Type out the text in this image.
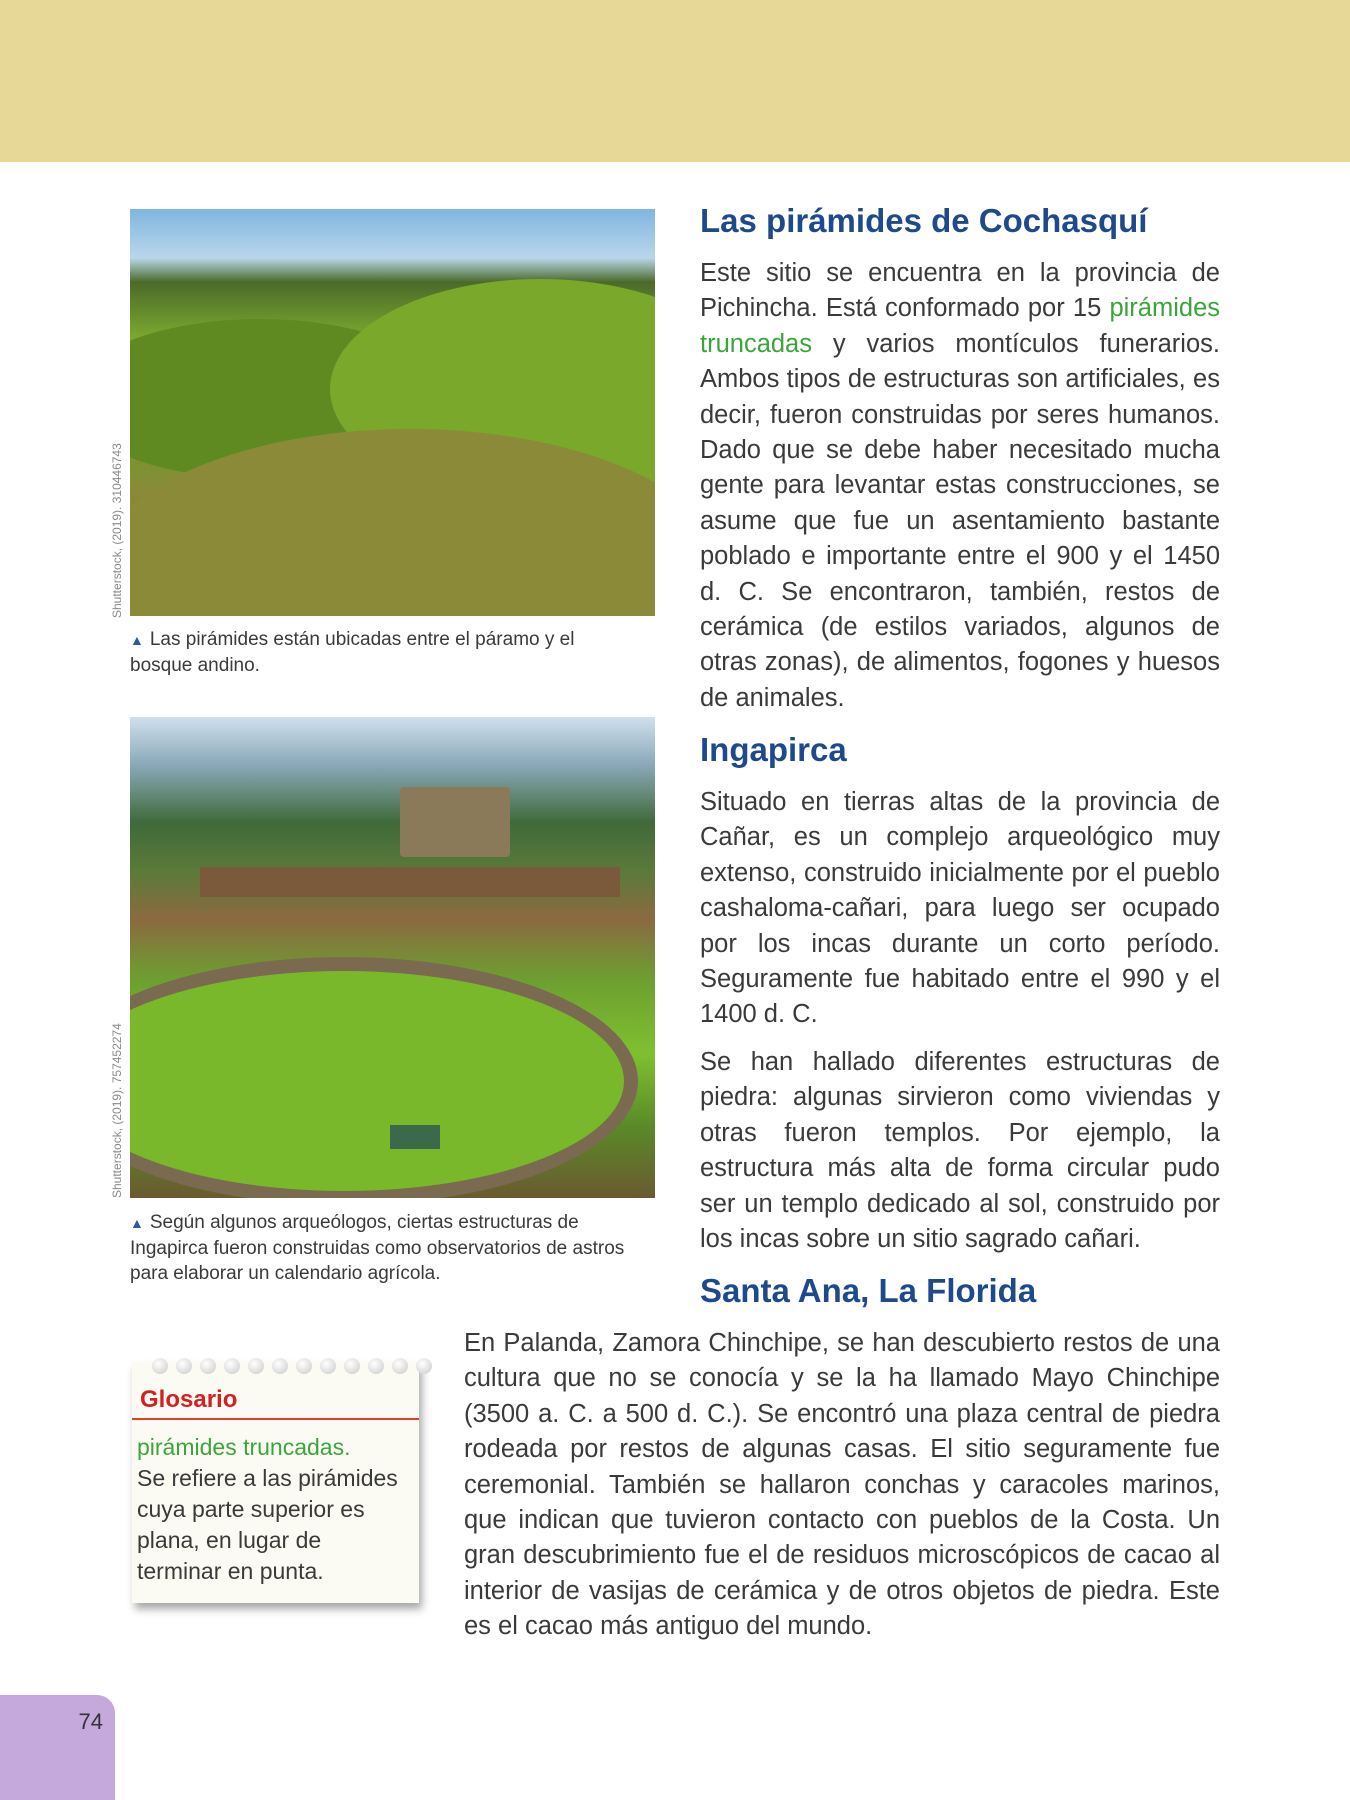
Shutterstock, (2019). 310446743
▲ Las pirámides están ubicadas entre el páramo y el bosque andino.
Shutterstock, (2019). 757452274
▲ Según algunos arqueólogos, ciertas estructuras de Ingapirca fueron construidas como observatorios de astros para elaborar un calendario agrícola.
Las pirámides de Cochasquí

Este sitio se encuentra en la provincia de Pichincha. Está conformado por 15 pirámides truncadas y varios montículos funerarios. Ambos tipos de estructuras son artificiales, es decir, fueron construidas por seres humanos. Dado que se debe haber necesitado mucha gente para levantar estas construcciones, se asume que fue un asentamiento bastante poblado e importante entre el 900 y el 1450 d. C. Se encontraron, también, restos de cerámica (de estilos variados, algunos de otras zonas), de alimentos, fogones y huesos de animales.

Ingapirca

Situado en tierras altas de la provincia de Cañar, es un complejo arqueológico muy extenso, construido inicialmente por el pueblo cashaloma-cañari, para luego ser ocupado por los incas durante un corto período. Seguramente fue habitado entre el 990 y el 1400 d. C.

Se han hallado diferentes estructuras de piedra: algunas sirvieron como viviendas y otras fueron templos. Por ejemplo, la estructura más alta de forma circular pudo ser un templo dedicado al sol, construido por los incas sobre un sitio sagrado cañari.

Santa Ana, La Florida

En Palanda, Zamora Chinchipe, se han descubierto restos de una cultura que no se conocía y se la ha llamado Mayo Chinchipe (3500 a. C. a 500 d. C.). Se encontró una plaza central de piedra rodeada por restos de algunas casas. El sitio seguramente fue ceremonial. También se hallaron conchas y caracoles marinos, que indican que tuvieron contacto con pueblos de la Costa. Un gran descubrimiento fue el de residuos microscópicos de cacao al interior de vasijas de cerámica y de otros objetos de piedra. Este es el cacao más antiguo del mundo.

Glosario
pirámides truncadas.
Se refiere a las pirámides cuya parte superior es plana, en lugar de terminar en punta.
74
